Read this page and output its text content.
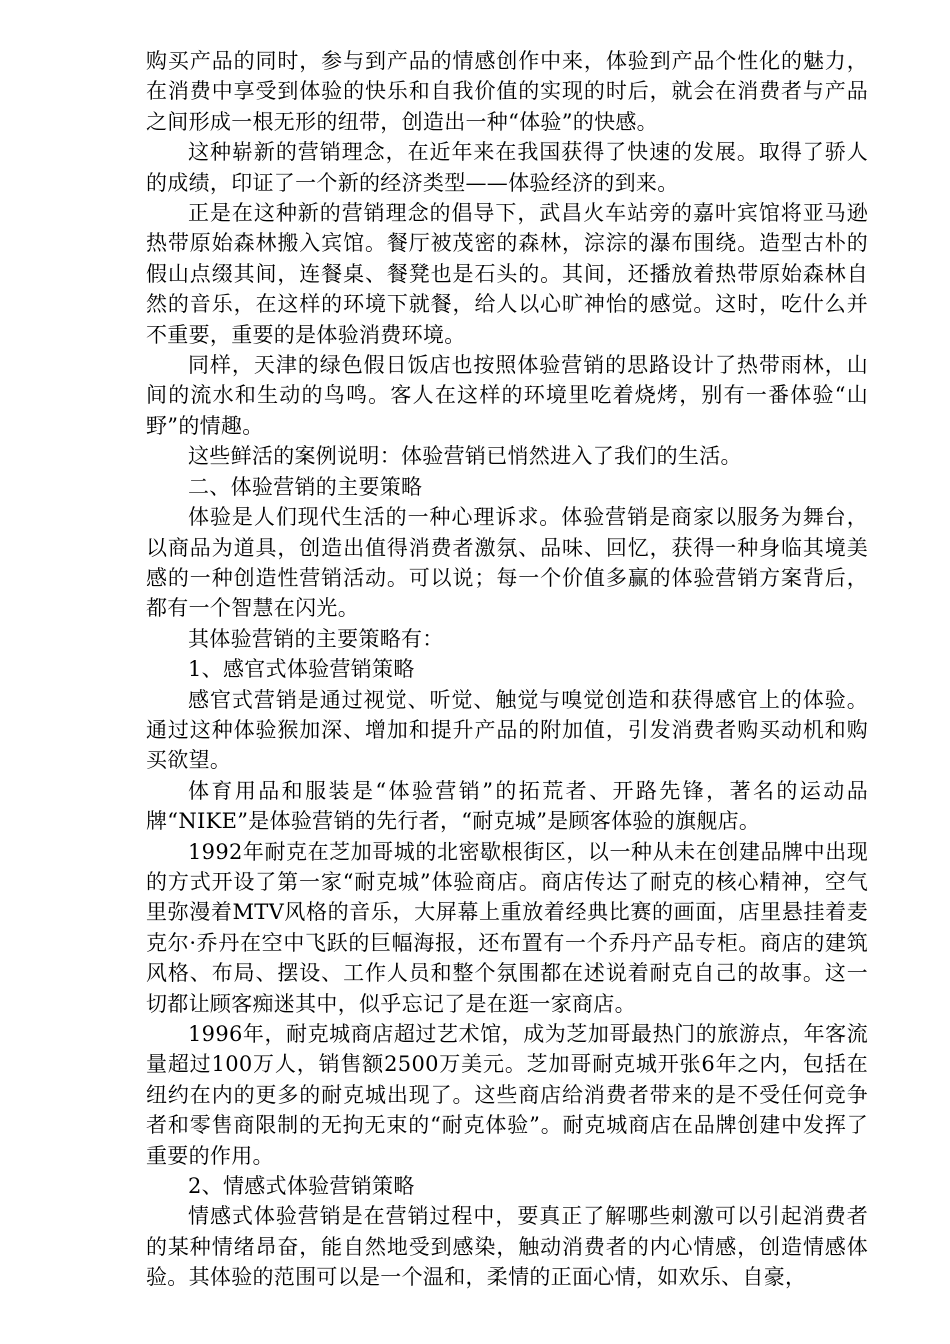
购买产品的同时，参与到产品的情感创作中来，体验到产品个性化的魅力，在消费中享受到体验的快乐和自我价值的实现的时后，就会在消费者与产品之间形成一根无形的纽带，创造出一种“体验”的快感。

这种崭新的营销理念，在近年来在我国获得了快速的发展。取得了骄人的成绩，印证了一个新的经济类型——体验经济的到来。

正是在这种新的营销理念的倡导下，武昌火车站旁的嘉叶宾馆将亚马逊热带原始森林搬入宾馆。餐厅被茂密的森林，淙淙的瀑布围绕。造型古朴的假山点缀其间，连餐桌、餐凳也是石头的。其间，还播放着热带原始森林自然的音乐，在这样的环境下就餐，给人以心旷神怡的感觉。这时，吃什么并不重要，重要的是体验消费环境。

同样，天津的绿色假日饭店也按照体验营销的思路设计了热带雨林，山间的流水和生动的鸟鸣。客人在这样的环境里吃着烧烤，别有一番体验“山野”的情趣。

这些鲜活的案例说明：体验营销已悄然进入了我们的生活。

二、体验营销的主要策略

体验是人们现代生活的一种心理诉求。体验营销是商家以服务为舞台，以商品为道具，创造出值得消费者激氛、品味、回忆，获得一种身临其境美感的一种创造性营销活动。可以说；每一个价值多赢的体验营销方案背后，都有一个智慧在闪光。

其体验营销的主要策略有：

1、感官式体验营销策略

感官式营销是通过视觉、听觉、触觉与嗅觉创造和获得感官上的体验。通过这种体验猴加深、增加和提升产品的附加值，引发消费者购买动机和购买欲望。

体育用品和服装是“体验营销”的拓荒者、开路先锋，著名的运动品牌“NIKE”是体验营销的先行者，“耐克城”是顾客体验的旗舰店。

1992年耐克在芝加哥城的北密歇根街区，以一种从未在创建品牌中出现的方式开设了第一家“耐克城”体验商店。商店传达了耐克的核心精神，空气里弥漫着MTV风格的音乐，大屏幕上重放着经典比赛的画面，店里悬挂着麦克尔·乔丹在空中飞跃的巨幅海报，还布置有一个乔丹产品专柜。商店的建筑风格、布局、摆设、工作人员和整个氛围都在述说着耐克自己的故事。这一切都让顾客痴迷其中，似乎忘记了是在逛一家商店。

1996年，耐克城商店超过艺术馆，成为芝加哥最热门的旅游点，年客流量超过100万人，销售额2500万美元。芝加哥耐克城开张6年之内，包括在纽约在内的更多的耐克城出现了。这些商店给消费者带来的是不受任何竞争者和零售商限制的无拘无束的“耐克体验”。耐克城商店在品牌创建中发挥了重要的作用。

2、情感式体验营销策略

情感式体验营销是在营销过程中，要真正了解哪些刺激可以引起消费者的某种情绪昂奋，能自然地受到感染，触动消费者的内心情感，创造情感体验。其体验的范围可以是一个温和，柔情的正面心情，如欢乐、自豪，
